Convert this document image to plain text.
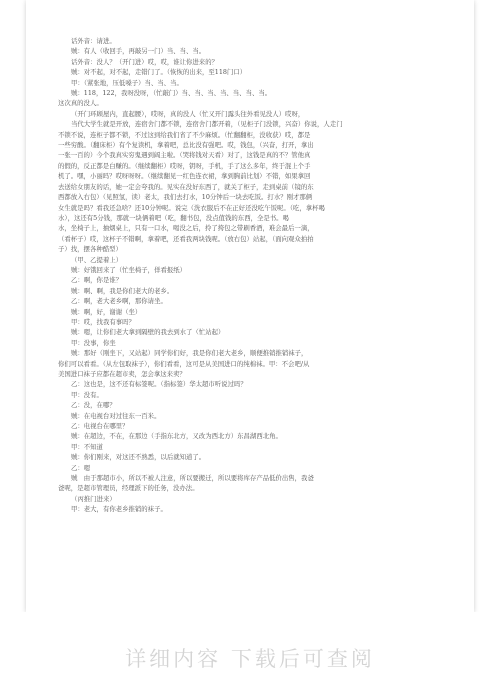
话外音：请进。

贼：有人（收回手，再敲另一门）当、当、当。

话外音：没人？（开门进）哎，哎，谁让你进来的？

贼：对不起，对不起，走错门了。（恢恢的出来，至118门口）

甲：（紧张地，压低嗓子）当、当、当。

贼：118，122，我呀没呀，（忙敲门）当、当、当、当、当、当、当。

这次真的没人。

（开门环顾屋内，直起腰），哎呀，真的没人（忙又开门露头往外看见没人）哎呀，

当代大学生就是开放，连宿舍门都不锁，连宿舍门都开着，（见柜子门没锁，兴奋）你说，人走门

不锁不说，连柜子都不锁，不过这到给我们省了不少麻烦。（忙翻翻柜，没收获）哎，都是

一些穷酸。（翻床柜）有个复读机，拿着吧，总比没有强吧。哎，钱包，（兴奋，打开，拿出

一张一百的）今个我真实穷鬼遇到阔主啦。（哭将钱对天看）对了，这钱是真的不？管他真

的假的，反正都是白赚的。（继续翻柜）哎呀，钥呀，手机，手了这么多年，终于混上个手

机了。嘿，小丽吗？哎呀呀呀。（继续翻见一红色连衣裙，拿到胸前比划）不错，如果拿回

去送给女朋友的话，她一定会夸我的。见实在没好东西了，就关了柜子，走到桌前（镜的东

西都放入右包）（见照氢，读）老太，我们去打水，10分钟后一块去吃饭。打水？刚才那俩

女生就是吗？看我还急啥？还10分钟呢。说完（洗衣服后不在正好还没吃午饭呢。（吃，拿杯喝

水），这还有5分钱，那就一块俩着吧（吃，翻书包，没点值钱的东西，全是书。喝

水，坐椅子上，抽烟桌上，只有一口水，喝没之后，拎了挎包之带刷香酒，难会最后一滴，

（看杯子）哎，这杯子不错啊，拿着吧，还看我两块钱呢。（放右包）站起，（面向观众拍拍

子）找，摆各种酷型）

（甲、乙提着上）

贼：好饿回来了（忙坐椅子，佯看报纸）

乙：啊，你是谁？

贼：啊、啊，我是你们老大的老乡。

乙：啊，老大老乡啊，那你请坐。

贼：啊，好，谢谢（坐）

甲：哎，找我有事吗？

贼：嗯，让你们老大拿到隔壁的我去到水了（忙站起）

甲：没事，你坐

贼：那好（刚坐下，又站起）同学你们好，我是你们老大老乡，顺便推销推销袜子，

你们可以看看。（从左包取袜子），你们看看，这可是从美国进口的纯棉袜。甲：不会吧/从

美国进口袜子应都在超市卖，怎会拿这来卖？

乙：这也是，这不还有标签呢。（指标签）华太超市听说过吗？

甲：没有。

乙：没，在哪？

贼：在电视台对过往东一百米。

乙：电视台在哪里？

贼：在超边，不在，在那边（手指东北方，又改为西北方）东昌湖西北角。

甲：不知道

贼：你们刚来，对这还不熟悉，以后就知道了。

乙：嗯

贼　由于那超市小，所以不被人注意，所以要搬迁，所以要将库存产品低价出售，我爸

爸呢，是超市管理员，经理派下的任务，没办法。

（丙推门进来）

甲：老大，有你老乡推销的袜子。

详细内容 下载后可查阅
